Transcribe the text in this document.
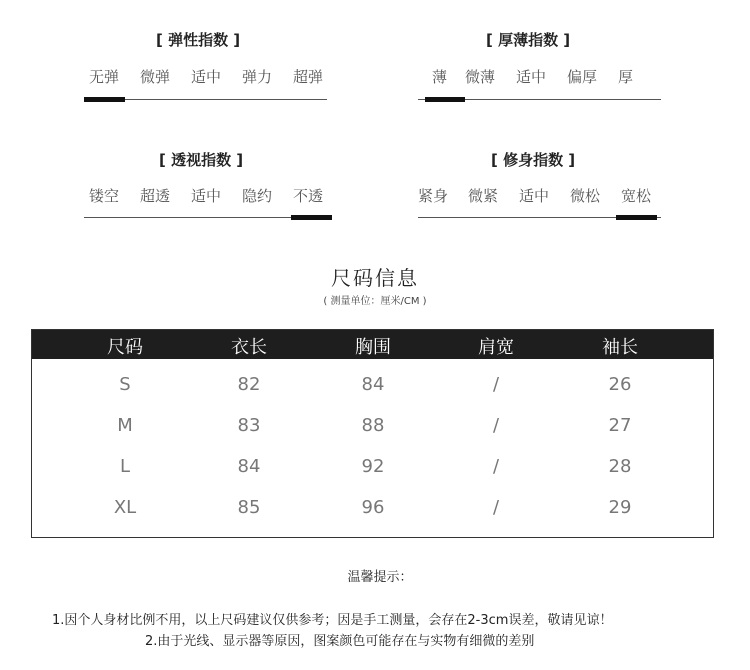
[ 弹性指数 ]
无弹 微弹 适中 弹力 超弹
[ 厚薄指数 ]
薄 微薄 适中 偏厚 厚
[ 透视指数 ]
镂空 超透 适中 隐约 不透
[ 修身指数 ]
紧身 微紧 适中 微松 宽松
尺码信息
( 测量单位：厘米/CM )
尺码	衣长	胸围	肩宽	袖长
S	82	84	/	26
M	83	88	/	27
L	84	92	/	28
XL	85	96	/	29
温馨提示：
1.因个人身材比例不用，以上尺码建议仅供参考；因是手工测量，会存在2-3cm误差，敬请见谅！
2.由于光线、显示器等原因，图案颜色可能存在与实物有细微的差别
